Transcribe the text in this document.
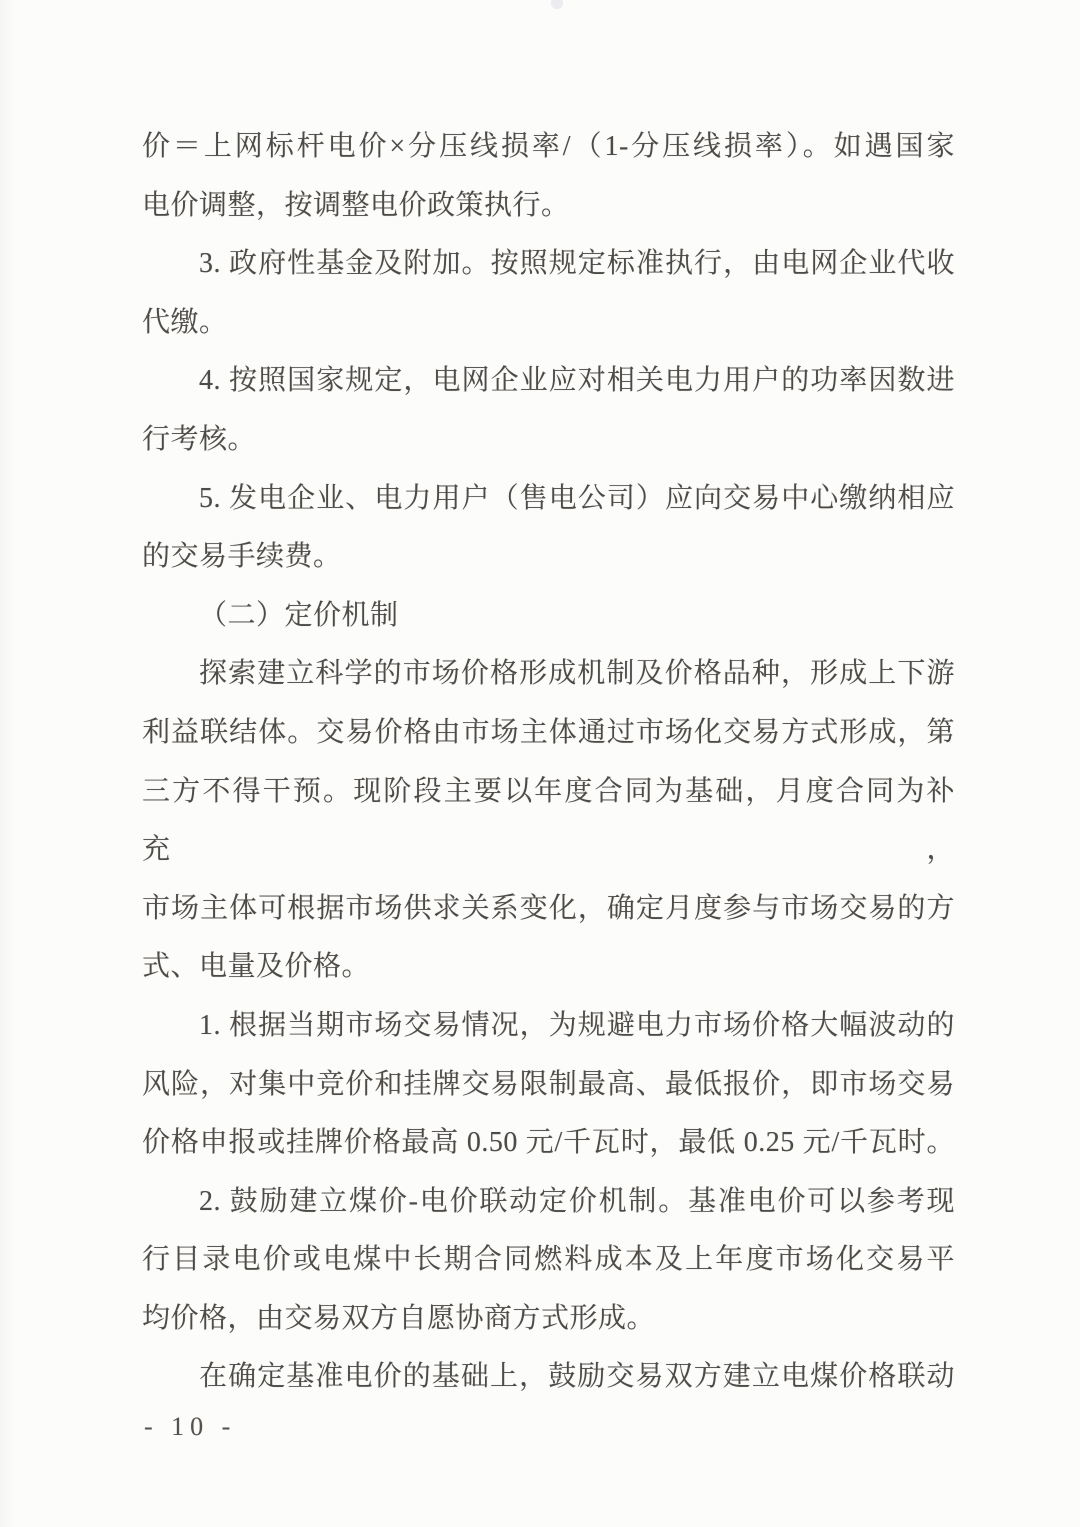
价＝上网标杆电价×分压线损率/（1-分压线损率）。如遇国家
电价调整，按调整电价政策执行。
3. 政府性基金及附加。按照规定标准执行，由电网企业代收
代缴。
4. 按照国家规定，电网企业应对相关电力用户的功率因数进
行考核。
5. 发电企业、电力用户（售电公司）应向交易中心缴纳相应
的交易手续费。
（二）定价机制
探索建立科学的市场价格形成机制及价格品种，形成上下游
利益联结体。交易价格由市场主体通过市场化交易方式形成，第
三方不得干预。现阶段主要以年度合同为基础，月度合同为补充，
市场主体可根据市场供求关系变化，确定月度参与市场交易的方
式、电量及价格。
1. 根据当期市场交易情况，为规避电力市场价格大幅波动的
风险，对集中竞价和挂牌交易限制最高、最低报价，即市场交易
价格申报或挂牌价格最高 0.50 元/千瓦时，最低 0.25 元/千瓦时。
2. 鼓励建立煤价-电价联动定价机制。基准电价可以参考现
行目录电价或电煤中长期合同燃料成本及上年度市场化交易平
均价格，由交易双方自愿协商方式形成。
在确定基准电价的基础上，鼓励交易双方建立电煤价格联动
- 10 -
